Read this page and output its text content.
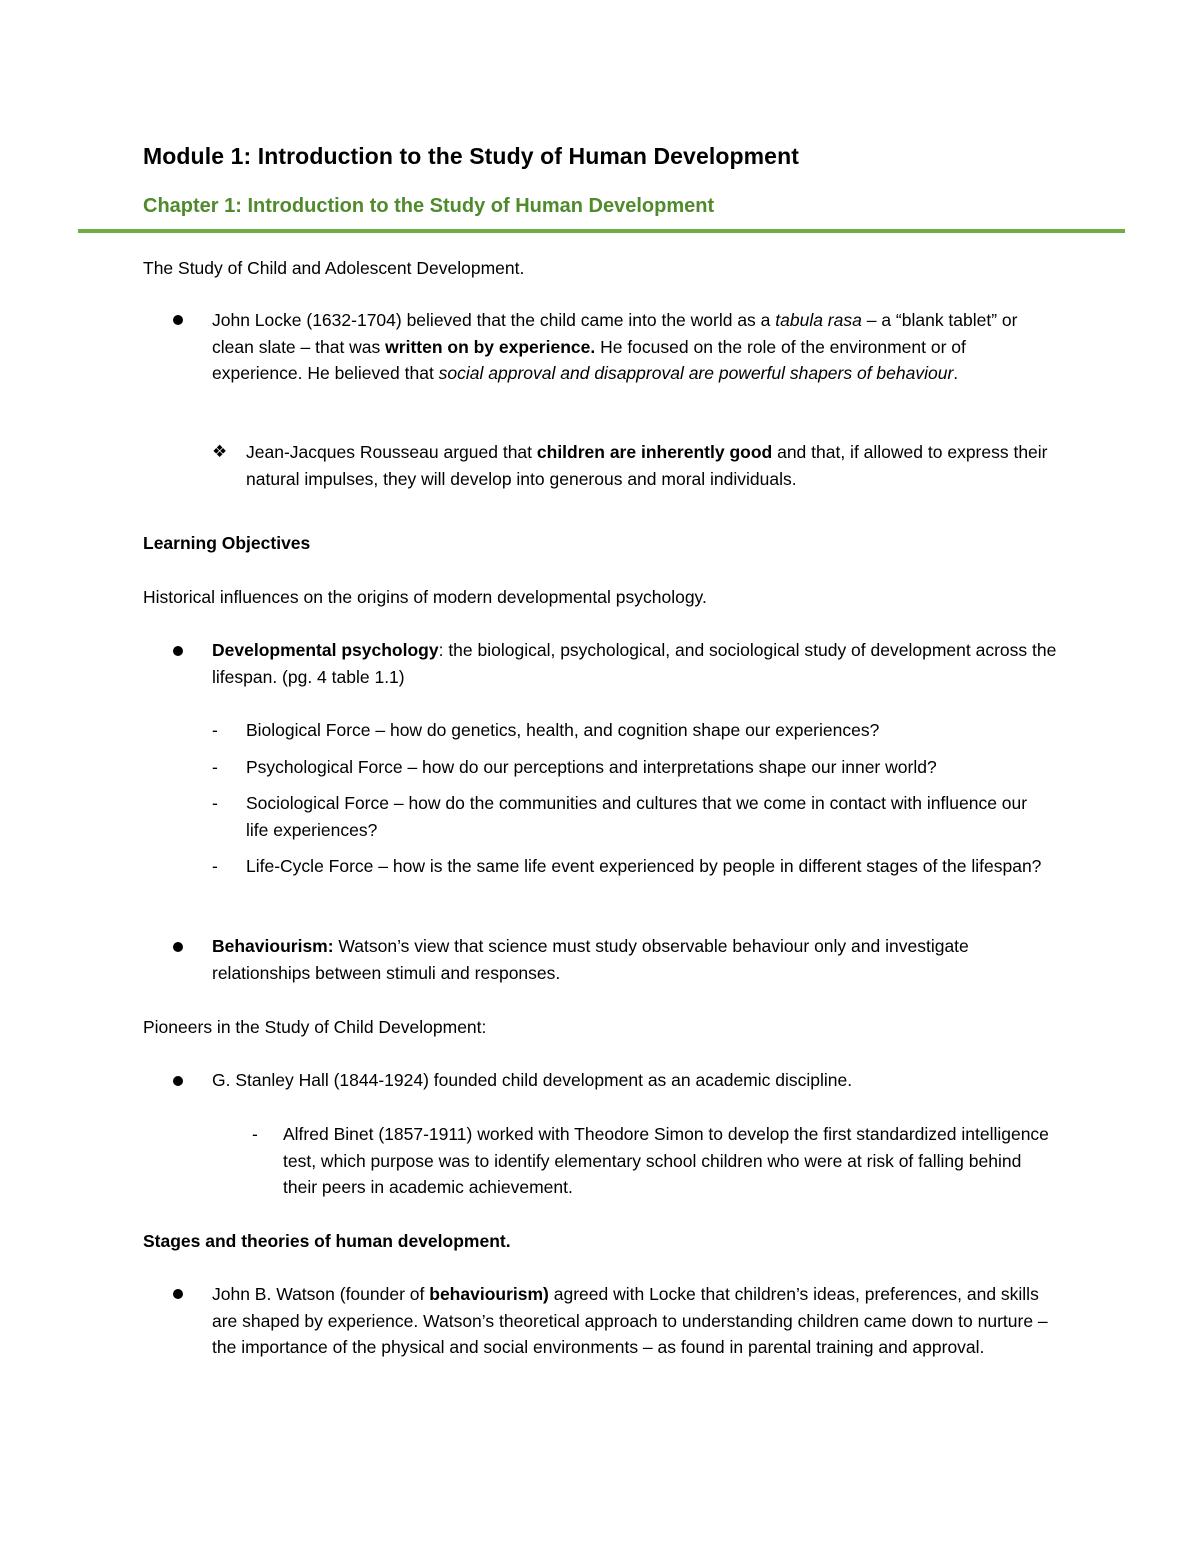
Module 1: Introduction to the Study of Human Development
Chapter 1: Introduction to the Study of Human Development

The Study of Child and Adolescent Development.

John Locke (1632-1704) believed that the child came into the world as a tabula rasa – a “blank tablet” or clean slate – that was written on by experience. He focused on the role of the environment or of experience. He believed that social approval and disapproval are powerful shapers of behaviour.

❖ Jean-Jacques Rousseau argued that children are inherently good and that, if allowed to express their natural impulses, they will develop into generous and moral individuals.

Learning Objectives

Historical influences on the origins of modern developmental psychology.

Developmental psychology: the biological, psychological, and sociological study of development across the lifespan. (pg. 4 table 1.1)

- Biological Force – how do genetics, health, and cognition shape our experiences?

- Psychological Force – how do our perceptions and interpretations shape our inner world?

- Sociological Force – how do the communities and cultures that we come in contact with influence our life experiences?

- Life-Cycle Force – how is the same life event experienced by people in different stages of the lifespan?

Behaviourism: Watson’s view that science must study observable behaviour only and investigate relationships between stimuli and responses.

Pioneers in the Study of Child Development:

G. Stanley Hall (1844-1924) founded child development as an academic discipline.

- Alfred Binet (1857-1911) worked with Theodore Simon to develop the first standardized intelligence test, which purpose was to identify elementary school children who were at risk of falling behind their peers in academic achievement.

Stages and theories of human development.

John B. Watson (founder of behaviourism) agreed with Locke that children’s ideas, preferences, and skills are shaped by experience. Watson’s theoretical approach to understanding children came down to nurture – the importance of the physical and social environments – as found in parental training and approval.
